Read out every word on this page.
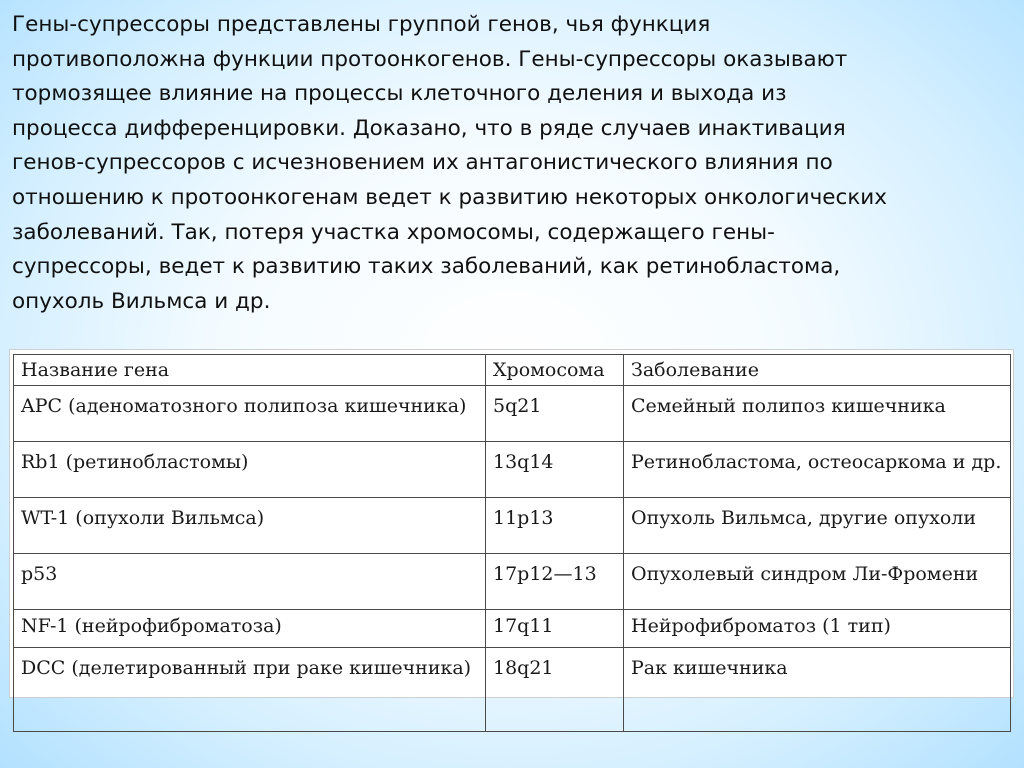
Гены-супрессоры представлены группой генов, чья функция
противоположна функции протоонкогенов. Гены-супрессоры оказывают
тормозящее влияние на процессы клеточного деления и выхода из
процесса дифференцировки. Доказано, что в ряде случаев инактивация
генов-супрессоров с исчезновением их антагонистического влияния по
отношению к протоонкогенам ведет к развитию некоторых онкологических
заболеваний. Так, потеря участка хромосомы, содержащего гены-
супрессоры, ведет к развитию таких заболеваний, как ретинобластома,
опухоль Вильмса и др.

Название гена	Хромосома	Заболевание
APC (аденоматозного полипоза кишечника)	5q21	Семейный полипоз кишечника
Rb1 (ретинобластомы)	13q14	Ретинобластома, остеосаркома и др.
WT-1 (опухоли Вильмса)	11p13	Опухоль Вильмса, другие опухоли
p53	17p12—13	Опухолевый синдром Ли-Фромени
NF-1 (нейрофиброматоза)	17q11	Нейрофиброматоз (1 тип)
DCC (делетированный при раке кишечника)	18q21	Рак кишечника
